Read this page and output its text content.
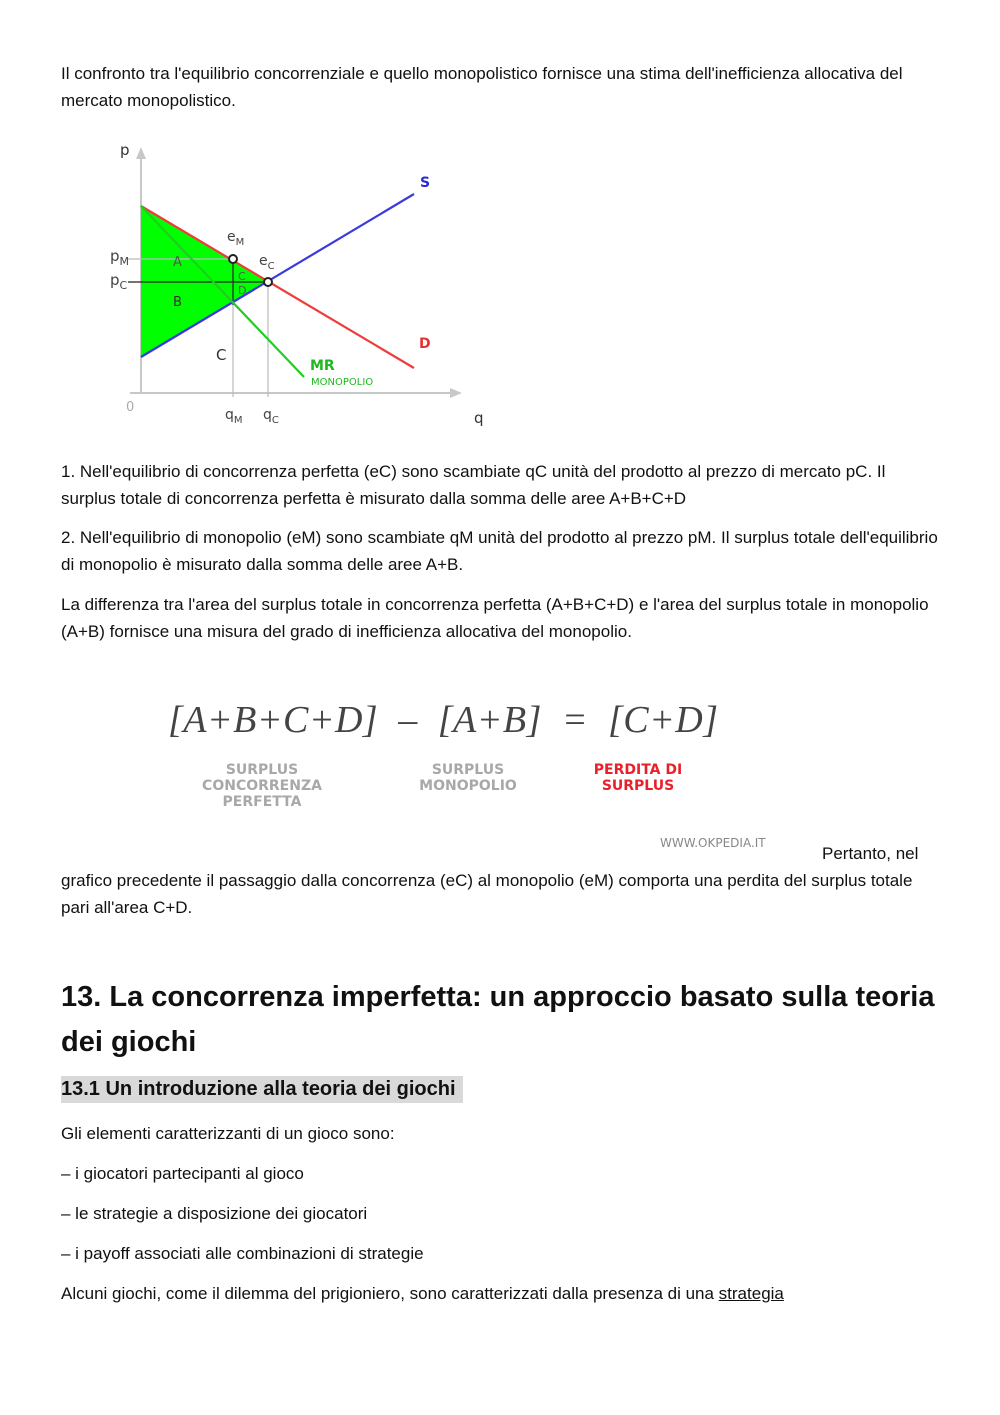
Il confronto tra l'equilibrio concorrenziale e quello monopolistico fornisce una stima dell'inefficienza allocativa del mercato monopolistico.

p
q
0
S
D
MR
MONOPOLIO
$p_M$
$p_C$
$e_M$
$e_C$
$q_M$ $q_C$
A
B
C
D
C

1. Nell'equilibrio di concorrenza perfetta (eC) sono scambiate qC unità del prodotto al prezzo di mercato pC. Il surplus totale di concorrenza perfetta è misurato dalla somma delle aree A+B+C+D

2. Nell'equilibrio di monopolio (eM) sono scambiate qM unità del prodotto al prezzo pM. Il surplus totale dell'equilibrio di monopolio è misurato dalla somma delle aree A+B.

La differenza tra l'area del surplus totale in concorrenza perfetta (A+B+C+D) e l'area del surplus totale in monopolio (A+B) fornisce una misura del grado di inefficienza allocativa del monopolio.

[A+B+C+D]  –  [A+B]  =  [C+D]
SURPLUS
CONCORRENZA
PERFETTA
SURPLUS
MONOPOLIO
PERDITA DI
SURPLUS
WWW.OKPEDIA.IT

Pertanto, nel

grafico precedente il passaggio dalla concorrenza (eC) al monopolio (eM) comporta una perdita del surplus totale pari all'area C+D.

13. La concorrenza imperfetta: un approccio basato sulla teoria dei giochi
13.1 Un introduzione alla teoria dei giochi

Gli elementi caratterizzanti di un gioco sono:

– i giocatori partecipanti al gioco

– le strategie a disposizione dei giocatori

– i payoff associati alle combinazioni di strategie

Alcuni giochi, come il dilemma del prigioniero, sono caratterizzati dalla presenza di una strategia
